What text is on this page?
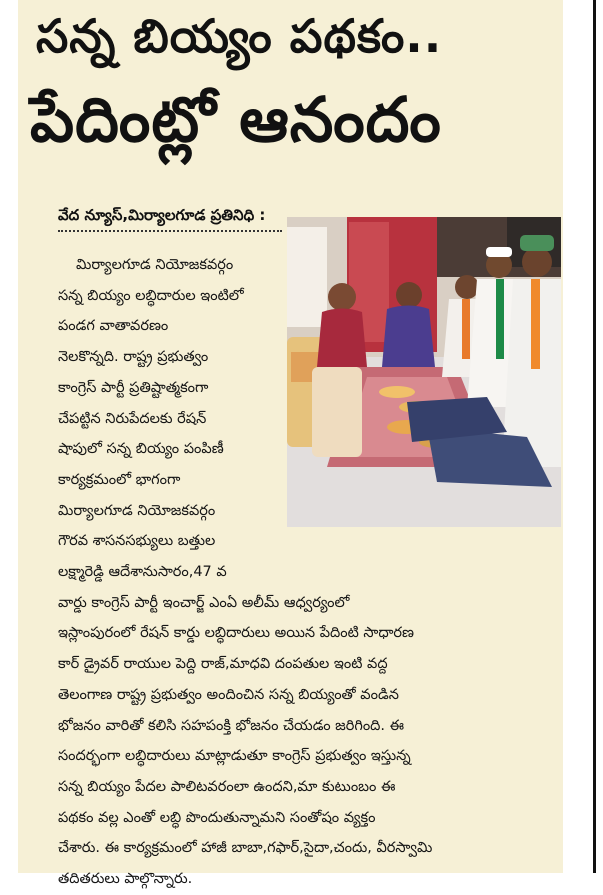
సన్న బియ్యం పథకం..
పేదింట్లో ఆనందం
వేద న్యూస్,మిర్యాలగూడ ప్రతినిధి :
మిర్యాలగూడ నియోజకవర్గం
సన్న బియ్యం లబ్ధిదారుల ఇంటిలో
పండగ వాతావరణం
నెలకొన్నది. రాష్ట్ర ప్రభుత్వం
కాంగ్రెస్ పార్టీ ప్రతిష్టాత్మకంగా
చేపట్టిన నిరుపేదలకు రేషన్
షాపులో సన్న బియ్యం పంపిణీ
కార్యక్రమంలో భాగంగా
మిర్యాలగూడ నియోజకవర్గం
గౌరవ శాసనసభ్యులు బత్తుల
లక్ష్మారెడ్డి ఆదేశానుసారం,47 వ
వార్డు కాంగ్రెస్ పార్టీ ఇంచార్జ్ ఎంఏ అలీమ్ ఆధ్వర్యంలో
ఇస్లాంపురంలో రేషన్ కార్డు లబ్ధిదారులు అయిన పేదింటి సాధారణ
కార్ డ్రైవర్ రాయుల పెద్ది రాజ్,మాధవి దంపతుల ఇంటి వద్ద
తెలంగాణ రాష్ట్ర ప్రభుత్వం అందించిన సన్న బియ్యంతో వండిన
భోజనం వారితో కలిసి సహపంక్తి భోజనం చేయడం జరిగింది. ఈ
సందర్భంగా లబ్ధిదారులు మాట్లాడుతూ కాంగ్రెస్ ప్రభుత్వం ఇస్తున్న
సన్న బియ్యం పేదల పాలిటవరంలా ఉందని,మా కుటుంబం ఈ
పథకం వల్ల ఎంతో లబ్ధి పొందుతున్నామని సంతోషం వ్యక్తం
చేశారు. ఈ కార్యక్రమంలో హాజీ బాబా,గఫార్,సైదా,చందు, వీరస్వామి
తదితరులు పాల్గొన్నారు.
